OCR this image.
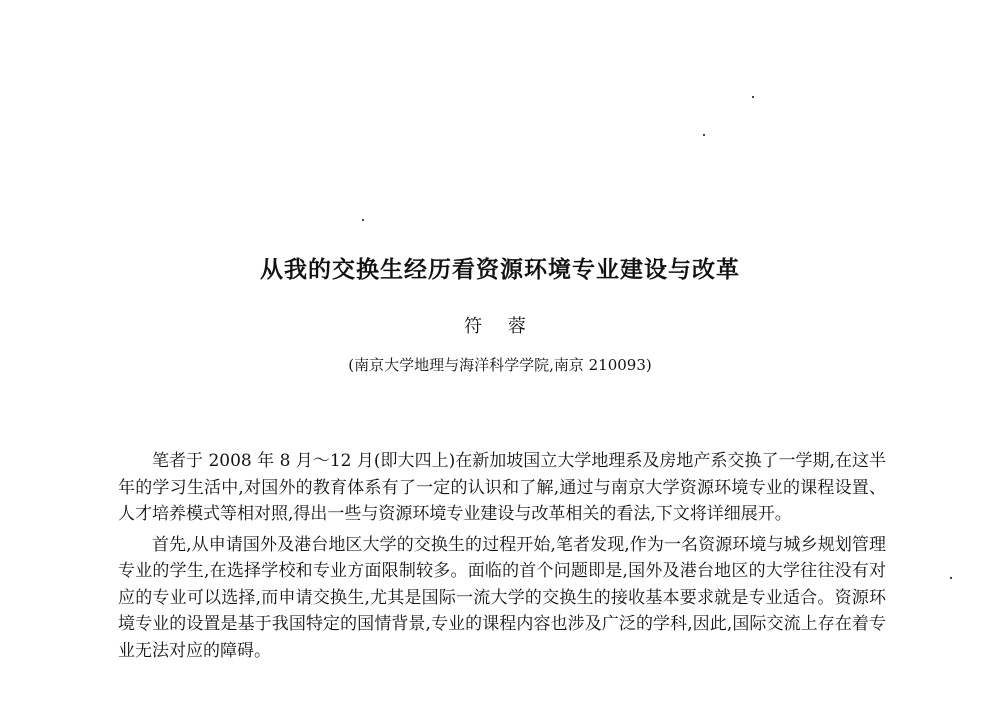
从我的交换生经历看资源环境专业建设与改革
符 蓉
(南京大学地理与海洋科学学院,南京 210093)

笔者于 2008 年 8 月～12 月(即大四上)在新加坡国立大学地理系及房地产系交换了一学期,在这半年的学习生活中,对国外的教育体系有了一定的认识和了解,通过与南京大学资源环境专业的课程设置、人才培养模式等相对照,得出一些与资源环境专业建设与改革相关的看法,下文将详细展开。

首先,从申请国外及港台地区大学的交换生的过程开始,笔者发现,作为一名资源环境与城乡规划管理专业的学生,在选择学校和专业方面限制较多。面临的首个问题即是,国外及港台地区的大学往往没有对应的专业可以选择,而申请交换生,尤其是国际一流大学的交换生的接收基本要求就是专业适合。资源环境专业的设置是基于我国特定的国情背景,专业的课程内容也涉及广泛的学科,因此,国际交流上存在着专业无法对应的障碍。
